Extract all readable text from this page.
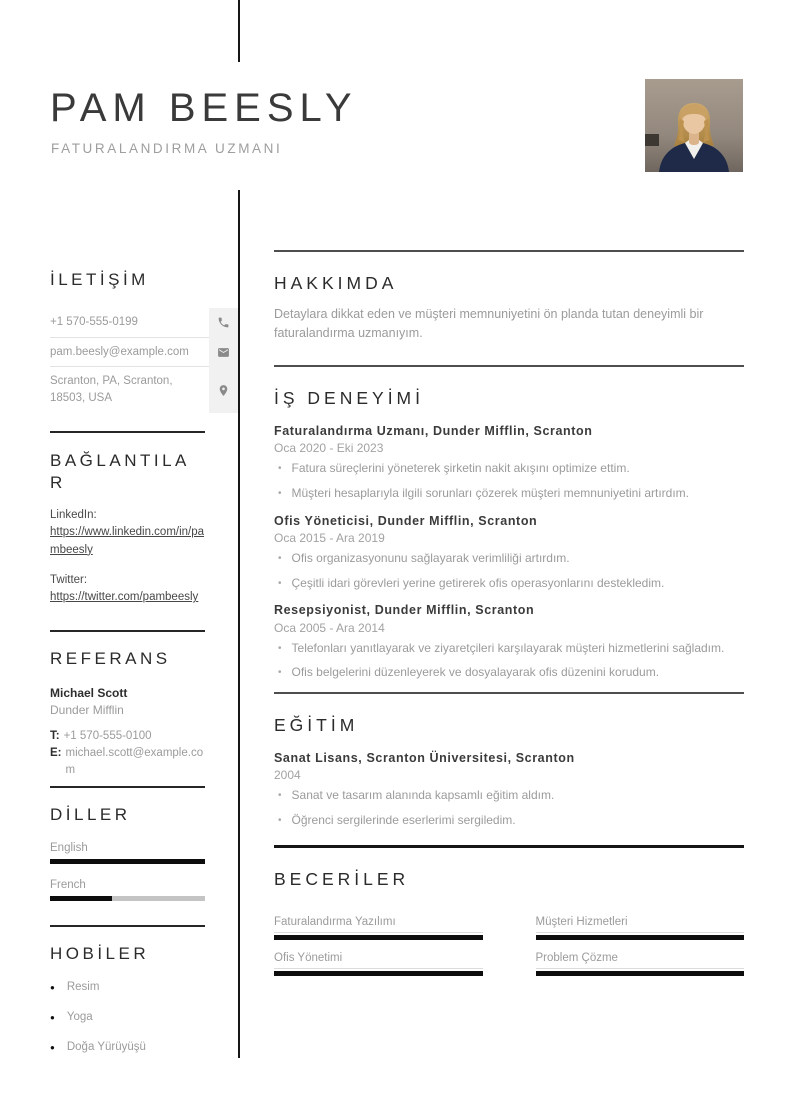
PAM BEESLY
FATURALANDIRMA UZMANI
İLETİŞİM
+1 570-555-0199
pam.beesly@example.com
Scranton, PA, Scranton, 18503, USA
BAĞLANTILAR
LinkedIn:
https://www.linkedin.com/in/pambeesly
Twitter:
https://twitter.com/pambeesly
REFERANS
Michael Scott
Dunder Mifflin
T: +1 570-555-0100
E: michael.scott@example.com
DİLLER
English
French
HOBİLER
● Resim
● Yoga
● Doğa Yürüyüşü
HAKKIMDA
Detaylara dikkat eden ve müşteri memnuniyetini ön planda tutan deneyimli bir faturalandırma uzmanıyım.
İŞ DENEYİMİ
Faturalandırma Uzmanı, Dunder Mifflin, Scranton
Oca 2020 - Eki 2023
• Fatura süreçlerini yöneterek şirketin nakit akışını optimize ettim.
• Müşteri hesaplarıyla ilgili sorunları çözerek müşteri memnuniyetini artırdım.
Ofis Yöneticisi, Dunder Mifflin, Scranton
Oca 2015 - Ara 2019
• Ofis organizasyonunu sağlayarak verimliliği artırdım.
• Çeşitli idari görevleri yerine getirerek ofis operasyonlarını destekledim.
Resepsiyonist, Dunder Mifflin, Scranton
Oca 2005 - Ara 2014
• Telefonları yanıtlayarak ve ziyaretçileri karşılayarak müşteri hizmetlerini sağladım.
• Ofis belgelerini düzenleyerek ve dosyalayarak ofis düzenini korudum.
EĞİTİM
Sanat Lisans, Scranton Üniversitesi, Scranton
2004
• Sanat ve tasarım alanında kapsamlı eğitim aldım.
• Öğrenci sergilerinde eserlerimi sergiledim.
BECERİLER
Faturalandırma Yazılımı	Müşteri Hizmetleri
Ofis Yönetimi	Problem Çözme
